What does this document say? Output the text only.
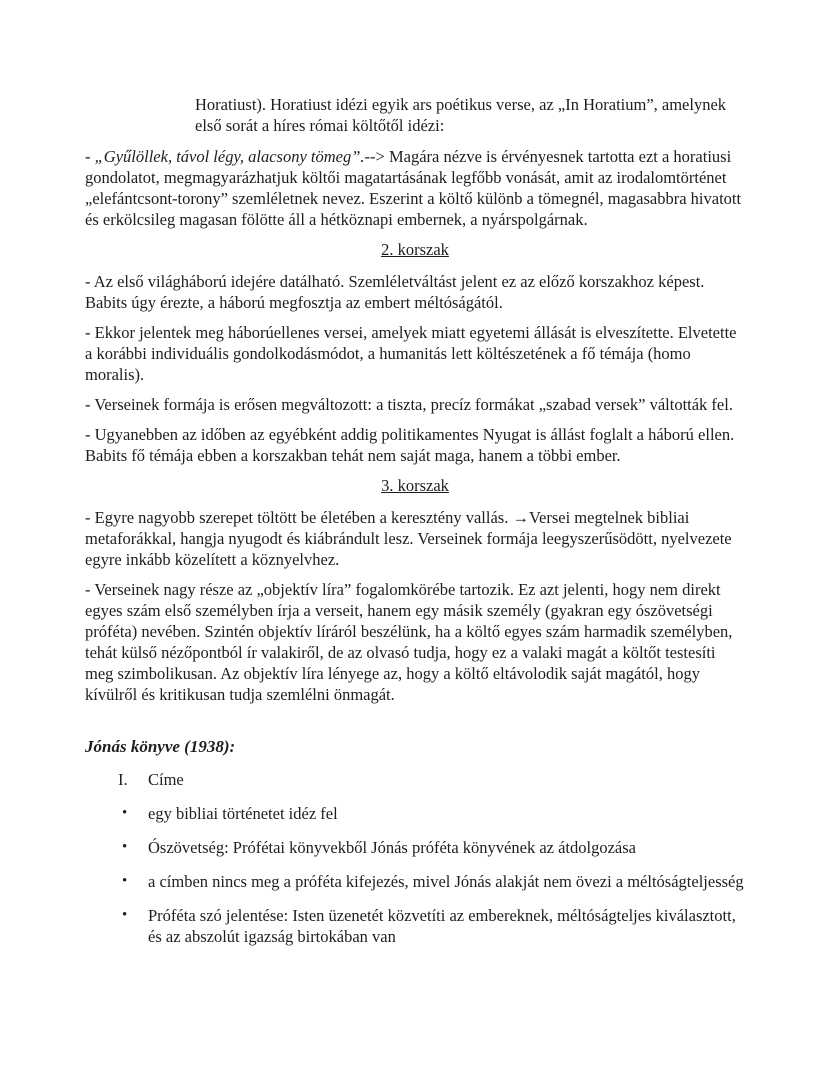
Horatiust). Horatiust idézi egyik ars poétikus verse, az „In Horatium”, amelynek első sorát a híres római költőtől idézi:

- „Gyűlöllek, távol légy, alacsony tömeg”.--> Magára nézve is érvényesnek tartotta ezt a horatiusi gondolatot, megmagyarázhatjuk költői magatartásának legfőbb vonását, amit az irodalomtörténet „elefántcsont-torony” szemléletnek nevez. Eszerint a költő különb a tömegnél, magasabbra hivatott és erkölcsileg magasan fölötte áll a hétköznapi embernek, a nyárspolgárnak.

2. korszak

- Az első világháború idejére datálható. Szemléletváltást jelent ez az előző korszakhoz képest. Babits úgy érezte, a háború megfosztja az embert méltóságától.

- Ekkor jelentek meg háborúellenes versei, amelyek miatt egyetemi állását is elveszítette. Elvetette a korábbi individuális gondolkodásmódot, a humanitás lett költészetének a fő témája (homo moralis).

- Verseinek formája is erősen megváltozott: a tiszta, precíz formákat „szabad versek” váltották fel.

- Ugyanebben az időben az egyébként addig politikamentes Nyugat is állást foglalt a háború ellen. Babits fő témája ebben a korszakban tehát nem saját maga, hanem a többi ember.

3. korszak

- Egyre nagyobb szerepet töltött be életében a keresztény vallás. →Versei megtelnek bibliai metaforákkal, hangja nyugodt és kiábrándult lesz. Verseinek formája leegyszerűsödött, nyelvezete egyre inkább közelített a köznyelvhez.

- Verseinek nagy része az „objektív líra” fogalomkörébe tartozik. Ez azt jelenti, hogy nem direkt egyes szám első személyben írja a verseit, hanem egy másik személy (gyakran egy ószövetségi próféta) nevében. Szintén objektív líráról beszélünk, ha a költő egyes szám harmadik személyben, tehát külső nézőpontból ír valakiről, de az olvasó tudja, hogy ez a valaki magát a költőt testesíti meg szimbolikusan. Az objektív líra lényege az, hogy a költő eltávolodik saját magától, hogy kívülről és kritikusan tudja szemlélni önmagát.

Jónás könyve (1938):

I.	Címe
•	egy bibliai történetet idéz fel
•	Ószövetség: Prófétai könyvekből Jónás próféta könyvének az átdolgozása
•	a címben nincs meg a próféta kifejezés, mivel Jónás alakját nem övezi a méltóságteljesség
•	Próféta szó jelentése: Isten üzenetét közvetíti az embereknek, méltóságteljes kiválasztott, és az abszolút igazság birtokában van
